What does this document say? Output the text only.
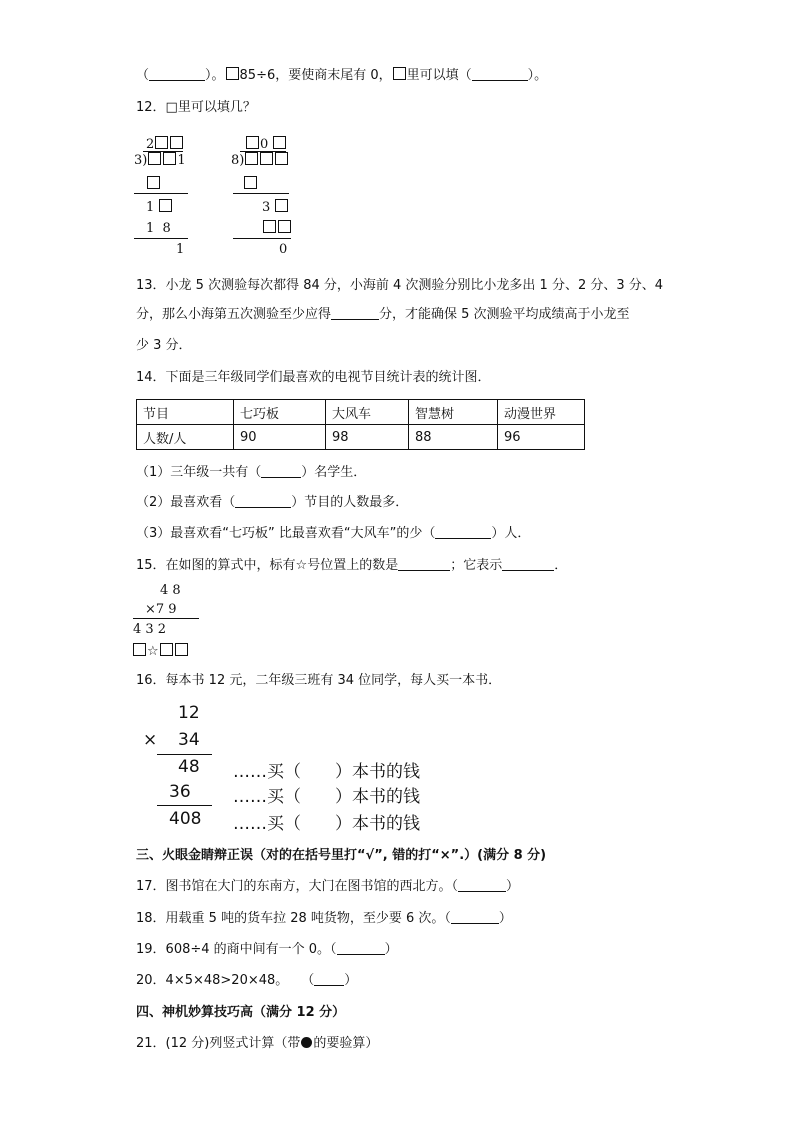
（	）。 85÷6，要使商末尾有 0， 里可以填（	）。
12．□里可以填几？
2
3) 1
1
1 8
1
0
8)
3
0
13．小龙 5 次测验每次都得 84 分，小海前 4 次测验分别比小龙多出 1 分、2 分、3 分、4
分，那么小海第五次测验至少应得	分，才能确保 5 次测验平均成绩高于小龙至
少 3 分．
14．下面是三年级同学们最喜欢的电视节目统计表的统计图．
节目	七巧板	大风车	智慧树	动漫世界
人数/人	90	98	88	96
（1）三年级一共有（	）名学生．
（2）最喜欢看（	）节目的人数最多．
（3）最喜欢看“七巧板” 比最喜欢看“大风车”的少（	）人．
15．在如图的算式中，标有☆号位置上的数是	；它表示	．
4 8
×7 9
4 3 2
☆
16．每本书 12 元，二年级三班有 34 位同学，每人买一本书．
12
× 34
48 ……买（　　）本书的钱
36 ……买（　　）本书的钱
408 ……买（　　）本书的钱
三、火眼金睛辩正误（对的在括号里打“√”, 错的打“×”.）(满分 8 分)
17．图书馆在大门的东南方，大门在图书馆的西北方。（	）
18．用载重 5 吨的货车拉 28 吨货物，至少要 6 次。（	）
19．608÷4 的商中间有一个 0。（	）
20．4×5×48>20×48。　　（ ）
四、神机妙算技巧高（满分 12 分）
21．(12 分)列竖式计算（带 的要验算）
